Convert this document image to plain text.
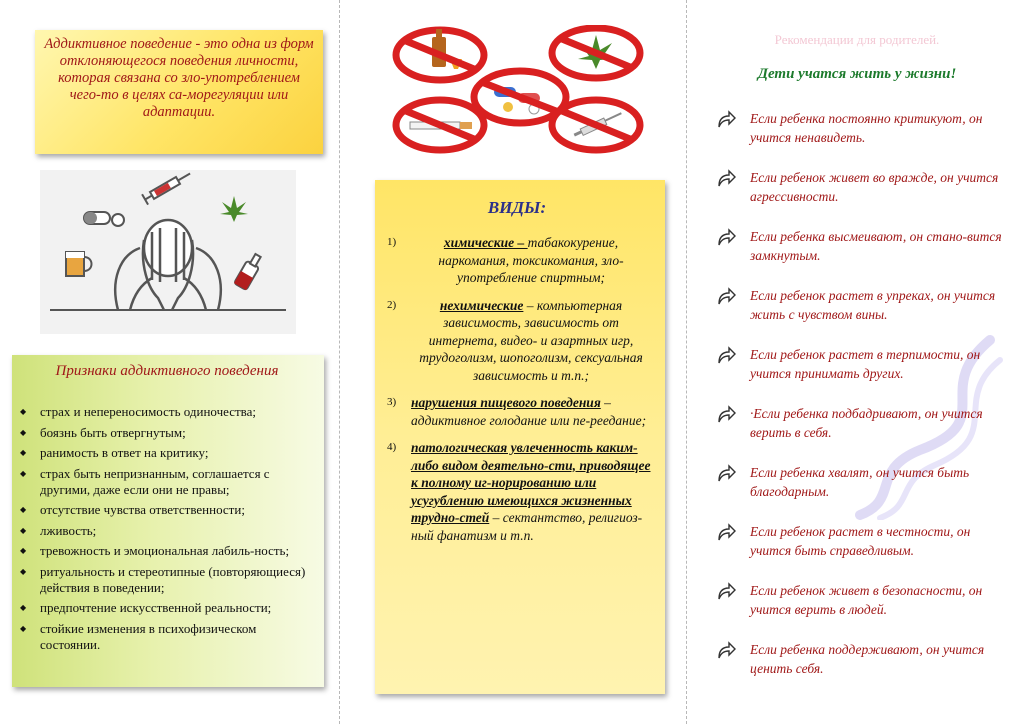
Аддиктивное поведение - это одна из форм отклоняющегося поведения личности, которая связана со зло-употреблением чего-то в целях са-морегуляции или адаптации.

Признаки аддиктивного поведения
◆ страх и непереносимость одиночества;
◆ боязнь быть отвергнутым;
◆ ранимость в ответ на критику;
◆ страх быть непризнанным, соглашается с другими, даже если они не правы;
◆ отсутствие чувства ответственности;
◆ лживость;
◆ тревожность и эмоциональная лабиль-ность;
◆ ритуальность и стереотипные (повторяющиеся) действия в поведении;
◆ предпочтение искусственной реальности;
◆ стойкие изменения в психофизическом состоянии.
ВИДЫ:
1)	химические – табакокурение, наркомания, токсикомания, зло-употребление спиртным;
2)	нехимические – компьютерная зависимость, зависимость от интернета, видео- и азартных игр, трудоголизм, шопоголизм, сексуальная зависимость и т.п.;
3) нарушения пищевого поведения – аддиктивное голодание или пе-реедание;
4) патологическая увлеченность каким-либо видом деятельно-сти, приводящее к полному иг-норированию или усугублению имеющихся жизненных трудно-стей – сектантство, религиоз-ный фанатизм и т.п.
Рекомендации для родителей.
Дети учатся жить у жизни!

Если ребенка постоянно критикуют, он учится ненавидеть.

Если ребенок живет во вражде, он учится агрессивности.

Если ребенка высмеивают, он стано-вится замкнутым.

Если ребенок растет в упреках, он учится жить с чувством вины.

Если ребенок растет в терпимости, он учится принимать других.

·Если ребенка подбадривают, он учится верить в себя.

Если ребенка хвалят, он учится быть благодарным.

Если ребенок растет в честности, он учится быть справедливым.

Если ребенок живет в безопасности, он учится верить в людей.

Если ребенка поддерживают, он учится ценить себя.
